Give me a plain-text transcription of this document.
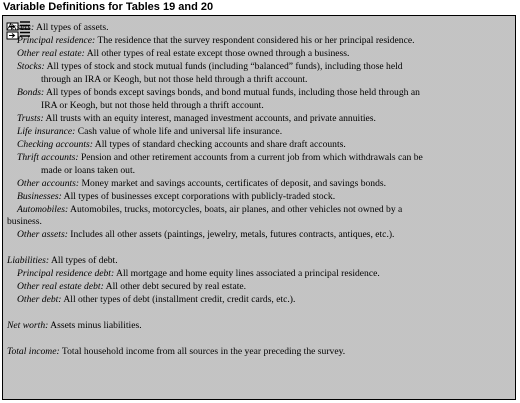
Variable Definitions for Tables 19 and 20
Assets: All types of assets.
Principal residence: The residence that the survey respondent considered his or her principal residence.
Other real estate: All other types of real estate except those owned through a business.
Stocks: All types of stock and stock mutual funds (including “balanced” funds), including those held
through an IRA or Keogh, but not those held through a thrift account.
Bonds: All types of bonds except savings bonds, and bond mutual funds, including those held through an
IRA or Keogh, but not those held through a thrift account.
Trusts: All trusts with an equity interest, managed investment accounts, and private annuities.
Life insurance: Cash value of whole life and universal life insurance.
Checking accounts: All types of standard checking accounts and share draft accounts.
Thrift accounts: Pension and other retirement accounts from a current job from which withdrawals can be
made or loans taken out.
Other accounts: Money market and savings accounts, certificates of deposit, and savings bonds.
Businesses: All types of businesses except corporations with publicly-traded stock.
Automobiles: Automobiles, trucks, motorcycles, boats, air planes, and other vehicles not owned by a
business.
Other assets: Includes all other assets (paintings, jewelry, metals, futures contracts, antiques, etc.).
Liabilities: All types of debt.
Principal residence debt: All mortgage and home equity lines associated a principal residence.
Other real estate debt: All other debt secured by real estate.
Other debt: All other types of debt (installment credit, credit cards, etc.).
Net worth: Assets minus liabilities.
Total income: Total household income from all sources in the year preceding the survey.
